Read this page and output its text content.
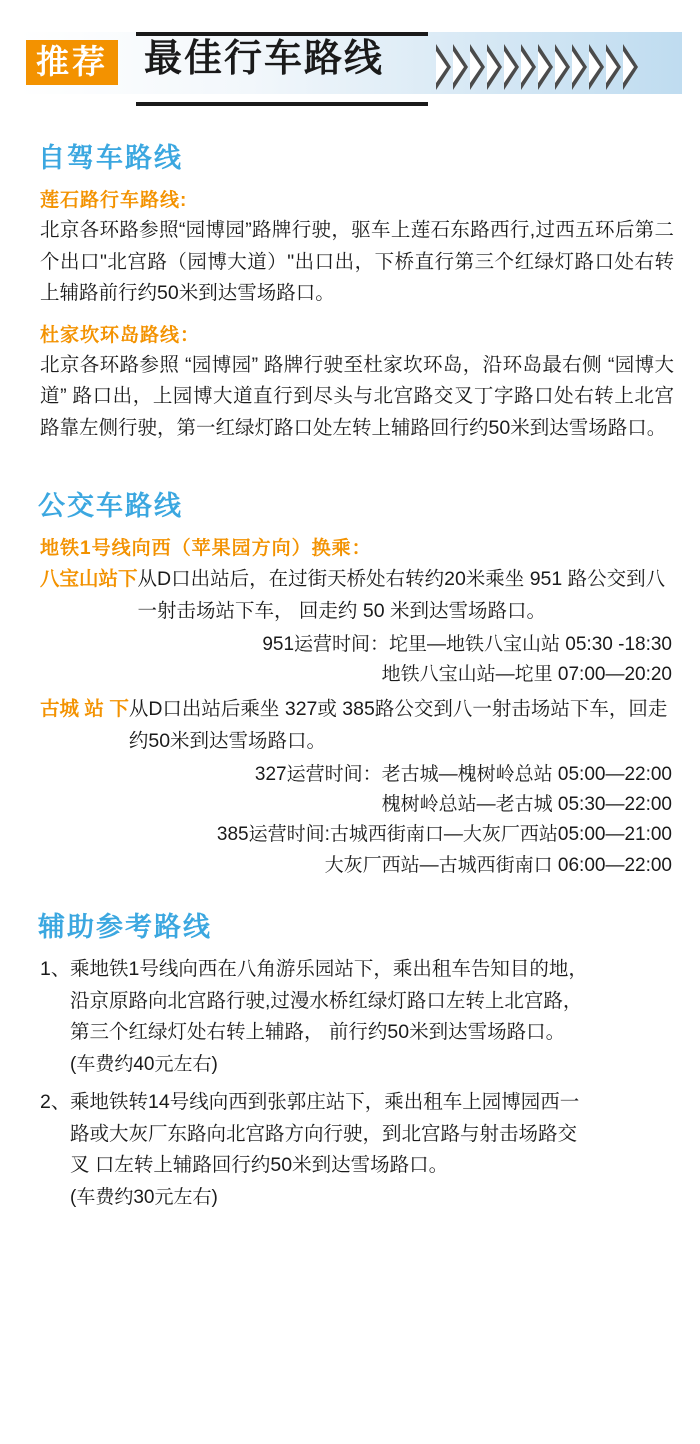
推荐 最佳行车路线
自驾车路线
莲石路行车路线:

北京各环路参照“园博园”路牌行驶，驱车上莲石东路西行,过西五环后第二个出口"北宫路（园博大道）"出口出，下桥直行第三个红绿灯路口处右转上辅路前行约50米到达雪场路口。

杜家坎环岛路线：

北京各环路参照 “园博园” 路牌行驶至杜家坎环岛，沿环岛最右侧 “园博大道” 路口出，上园博大道直行到尽头与北宫路交叉丁字路口处右转上北宫路靠左侧行驶，第一红绿灯路口处左转上辅路回行约50米到达雪场路口。

公交车路线
地铁1号线向西（苹果园方向）换乘：
八宝山站下 从D口出站后，在过街天桥处右转约20米乘坐 951 路公交到八一射击场站下车， 回走约 50 米到达雪场路口。
951运营时间：坨里—地铁八宝山站 05:30 -18:30
地铁八宝山站—坨里 07:00—20:20
古城 站 下 从D口出站后乘坐 327或 385路公交到八一射击场站下车，回走约50米到达雪场路口。
327运营时间：老古城—槐树岭总站 05:00—22:00
槐树岭总站—老古城 05:30—22:00
385运营时间:古城西街南口—大灰厂西站05:00—21:00
大灰厂西站—古城西街南口 06:00—22:00
辅助参考路线
1、 乘地铁1号线向西在八角游乐园站下，乘出租车告知目的地，
沿京原路向北宫路行驶,过漫水桥红绿灯路口左转上北宫路，
第三个红绿灯处右转上辅路， 前行约50米到达雪场路口。
(车费约40元左右)
2、 乘地铁转14号线向西到张郭庄站下，乘出租车上园博园西一
路或大灰厂东路向北宫路方向行驶，到北宫路与射击场路交
叉 口左转上辅路回行约50米到达雪场路口。
(车费约30元左右)
